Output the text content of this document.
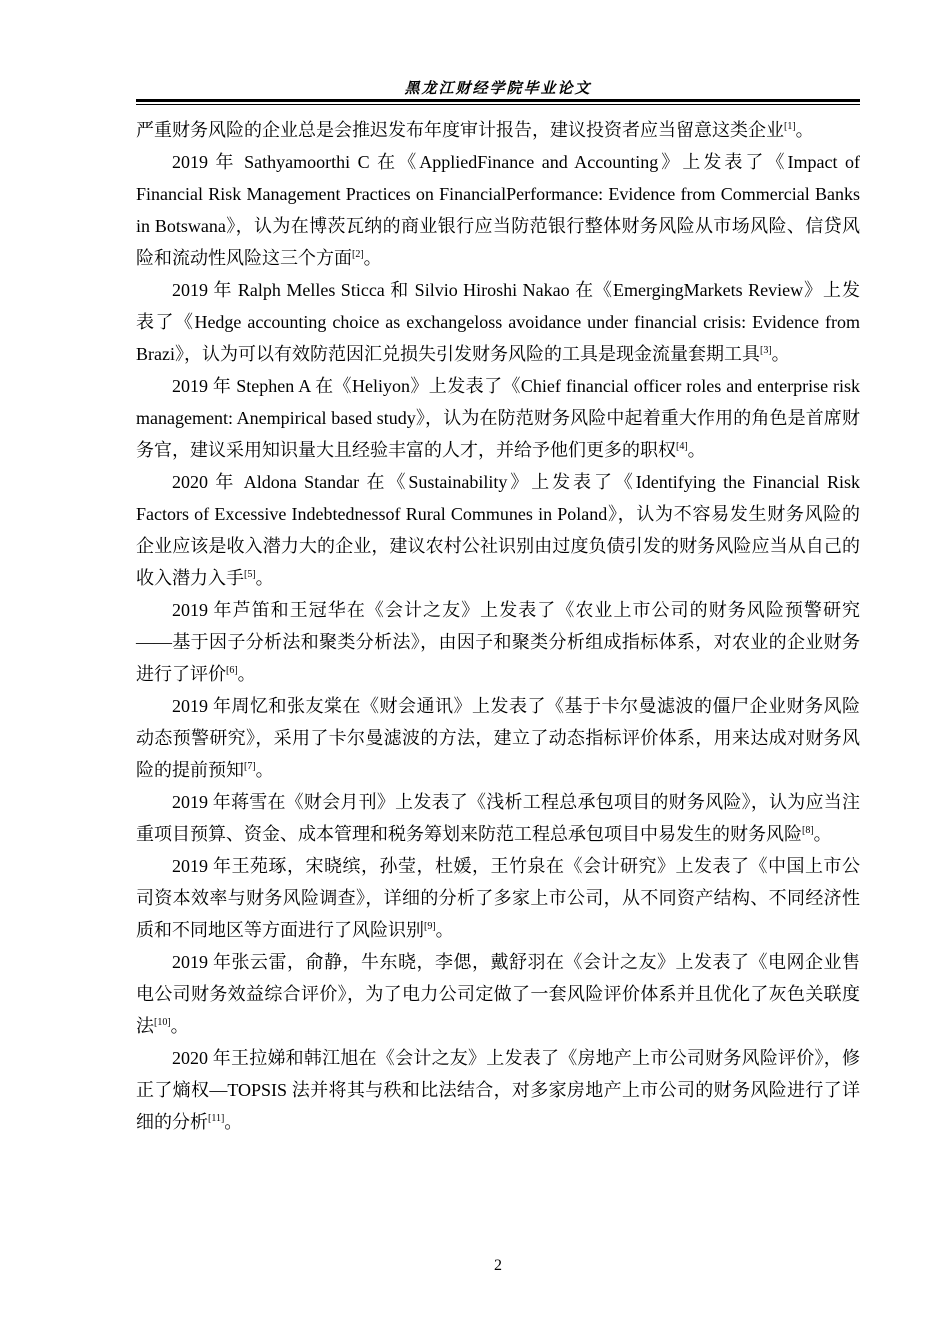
黑龙江财经学院毕业论文

严重财务风险的企业总是会推迟发布年度审计报告，建议投资者应当留意这类企业[1]。

2019 年 Sathyamoorthi C 在《AppliedFinance and Accounting》上发表了《Impact of Financial Risk Management Practices on FinancialPerformance: Evidence from Commercial Banks in Botswana》，认为在博茨瓦纳的商业银行应当防范银行整体财务风险从市场风险、信贷风险和流动性风险这三个方面[2]。

2019 年 Ralph Melles Sticca 和 Silvio Hiroshi Nakao 在《EmergingMarkets Review》上发表了《Hedge accounting choice as exchangeloss avoidance under financial crisis: Evidence from Brazi》，认为可以有效防范因汇兑损失引发财务风险的工具是现金流量套期工具[3]。

2019 年 Stephen A 在《Heliyon》上发表了《Chief financial officer roles and enterprise risk management: Anempirical based study》，认为在防范财务风险中起着重大作用的角色是首席财务官，建议采用知识量大且经验丰富的人才，并给予他们更多的职权[4]。

2020 年 Aldona Standar 在《Sustainability》上发表了《Identifying the Financial Risk Factors of Excessive Indebtednessof Rural Communes in Poland》，认为不容易发生财务风险的企业应该是收入潜力大的企业，建议农村公社识别由过度负债引发的财务风险应当从自己的收入潜力入手[5]。

2019 年芦笛和王冠华在《会计之友》上发表了《农业上市公司的财务风险预警研究——基于因子分析法和聚类分析法》，由因子和聚类分析组成指标体系，对农业的企业财务进行了评价[6]。

2019 年周忆和张友棠在《财会通讯》上发表了《基于卡尔曼滤波的僵尸企业财务风险动态预警研究》，采用了卡尔曼滤波的方法，建立了动态指标评价体系，用来达成对财务风险的提前预知[7]。

2019 年蒋雪在《财会月刊》上发表了《浅析工程总承包项目的财务风险》，认为应当注重项目预算、资金、成本管理和税务筹划来防范工程总承包项目中易发生的财务风险[8]。

2019 年王苑琢，宋晓缤，孙莹，杜媛，王竹泉在《会计研究》上发表了《中国上市公司资本效率与财务风险调查》，详细的分析了多家上市公司，从不同资产结构、不同经济性质和不同地区等方面进行了风险识别[9]。

2019 年张云雷，俞静，牛东晓，李偲，戴舒羽在《会计之友》上发表了《电网企业售电公司财务效益综合评价》，为了电力公司定做了一套风险评价体系并且优化了灰色关联度法[10]。

2020 年王拉娣和韩江旭在《会计之友》上发表了《房地产上市公司财务风险评价》，修正了熵权—TOPSIS 法并将其与秩和比法结合，对多家房地产上市公司的财务风险进行了详细的分析[11]。

2
